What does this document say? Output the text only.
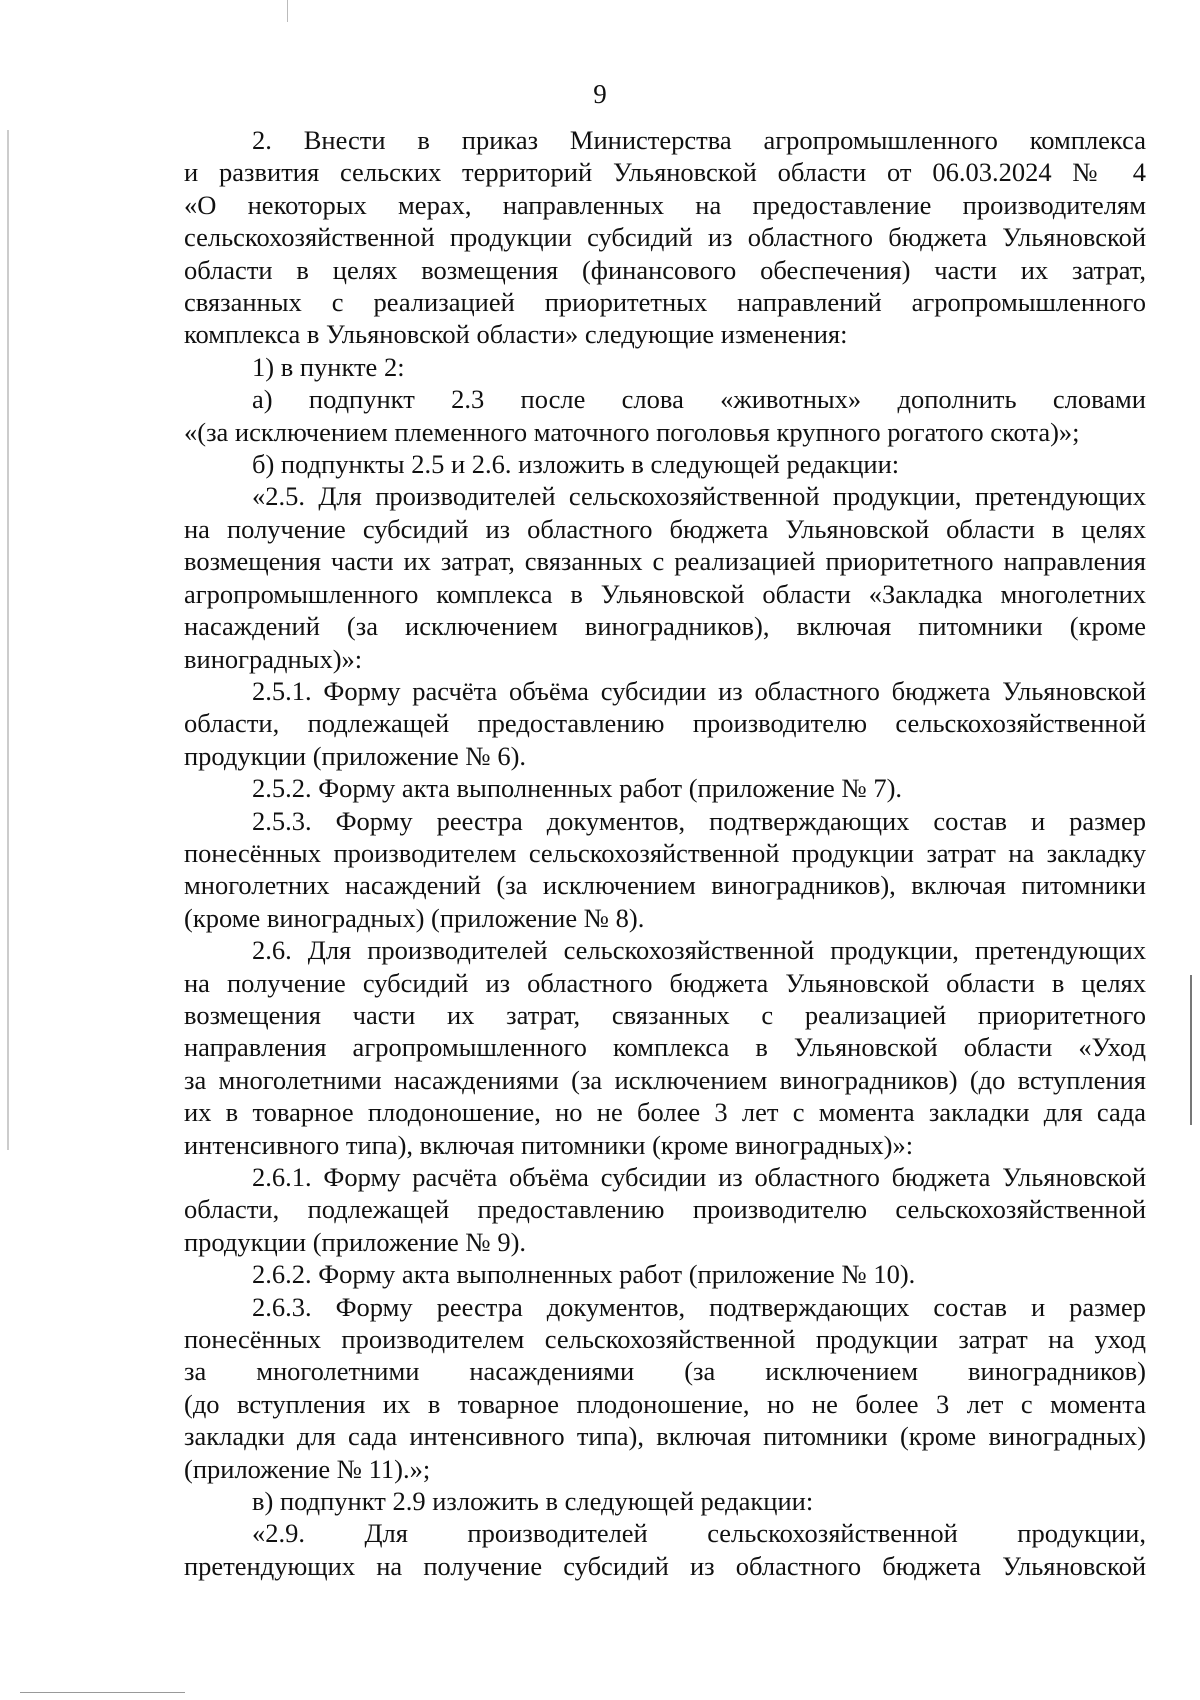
9
2. Внести в приказ Министерства агропромышленного комплекса
и развития сельских территорий Ульяновской области от 06.03.2024 № 4
«О некоторых мерах, направленных на предоставление производителям
сельскохозяйственной продукции субсидий из областного бюджета Ульяновской
области в целях возмещения (финансового обеспечения) части их затрат,
связанных с реализацией приоритетных направлений агропромышленного
комплекса в Ульяновской области» следующие изменения:
1) в пункте 2:
а) подпункт 2.3 после слова «животных» дополнить словами
«(за исключением племенного маточного поголовья крупного рогатого скота)»;
б) подпункты 2.5 и 2.6. изложить в следующей редакции:
«2.5. Для производителей сельскохозяйственной продукции, претендующих
на получение субсидий из областного бюджета Ульяновской области в целях
возмещения части их затрат, связанных с реализацией приоритетного направления
агропромышленного комплекса в Ульяновской области «Закладка многолетних
насаждений (за исключением виноградников), включая питомники (кроме
виноградных)»:
2.5.1. Форму расчёта объёма субсидии из областного бюджета Ульяновской
области, подлежащей предоставлению производителю сельскохозяйственной
продукции (приложение № 6).
2.5.2. Форму акта выполненных работ (приложение № 7).
2.5.3. Форму реестра документов, подтверждающих состав и размер
понесённых производителем сельскохозяйственной продукции затрат на закладку
многолетних насаждений (за исключением виноградников), включая питомники
(кроме виноградных) (приложение № 8).
2.6. Для производителей сельскохозяйственной продукции, претендующих
на получение субсидий из областного бюджета Ульяновской области в целях
возмещения части их затрат, связанных с реализацией приоритетного
направления агропромышленного комплекса в Ульяновской области «Уход
за многолетними насаждениями (за исключением виноградников) (до вступления
их в товарное плодоношение, но не более 3 лет с момента закладки для сада
интенсивного типа), включая питомники (кроме виноградных)»:
2.6.1. Форму расчёта объёма субсидии из областного бюджета Ульяновской
области, подлежащей предоставлению производителю сельскохозяйственной
продукции (приложение № 9).
2.6.2. Форму акта выполненных работ (приложение № 10).
2.6.3. Форму реестра документов, подтверждающих состав и размер
понесённых производителем сельскохозяйственной продукции затрат на уход
за многолетними насаждениями (за исключением виноградников)
(до вступления их в товарное плодоношение, но не более 3 лет с момента
закладки для сада интенсивного типа), включая питомники (кроме виноградных)
(приложение № 11).»;
в) подпункт 2.9 изложить в следующей редакции:
«2.9. Для производителей сельскохозяйственной продукции,
претендующих на получение субсидий из областного бюджета Ульяновской
